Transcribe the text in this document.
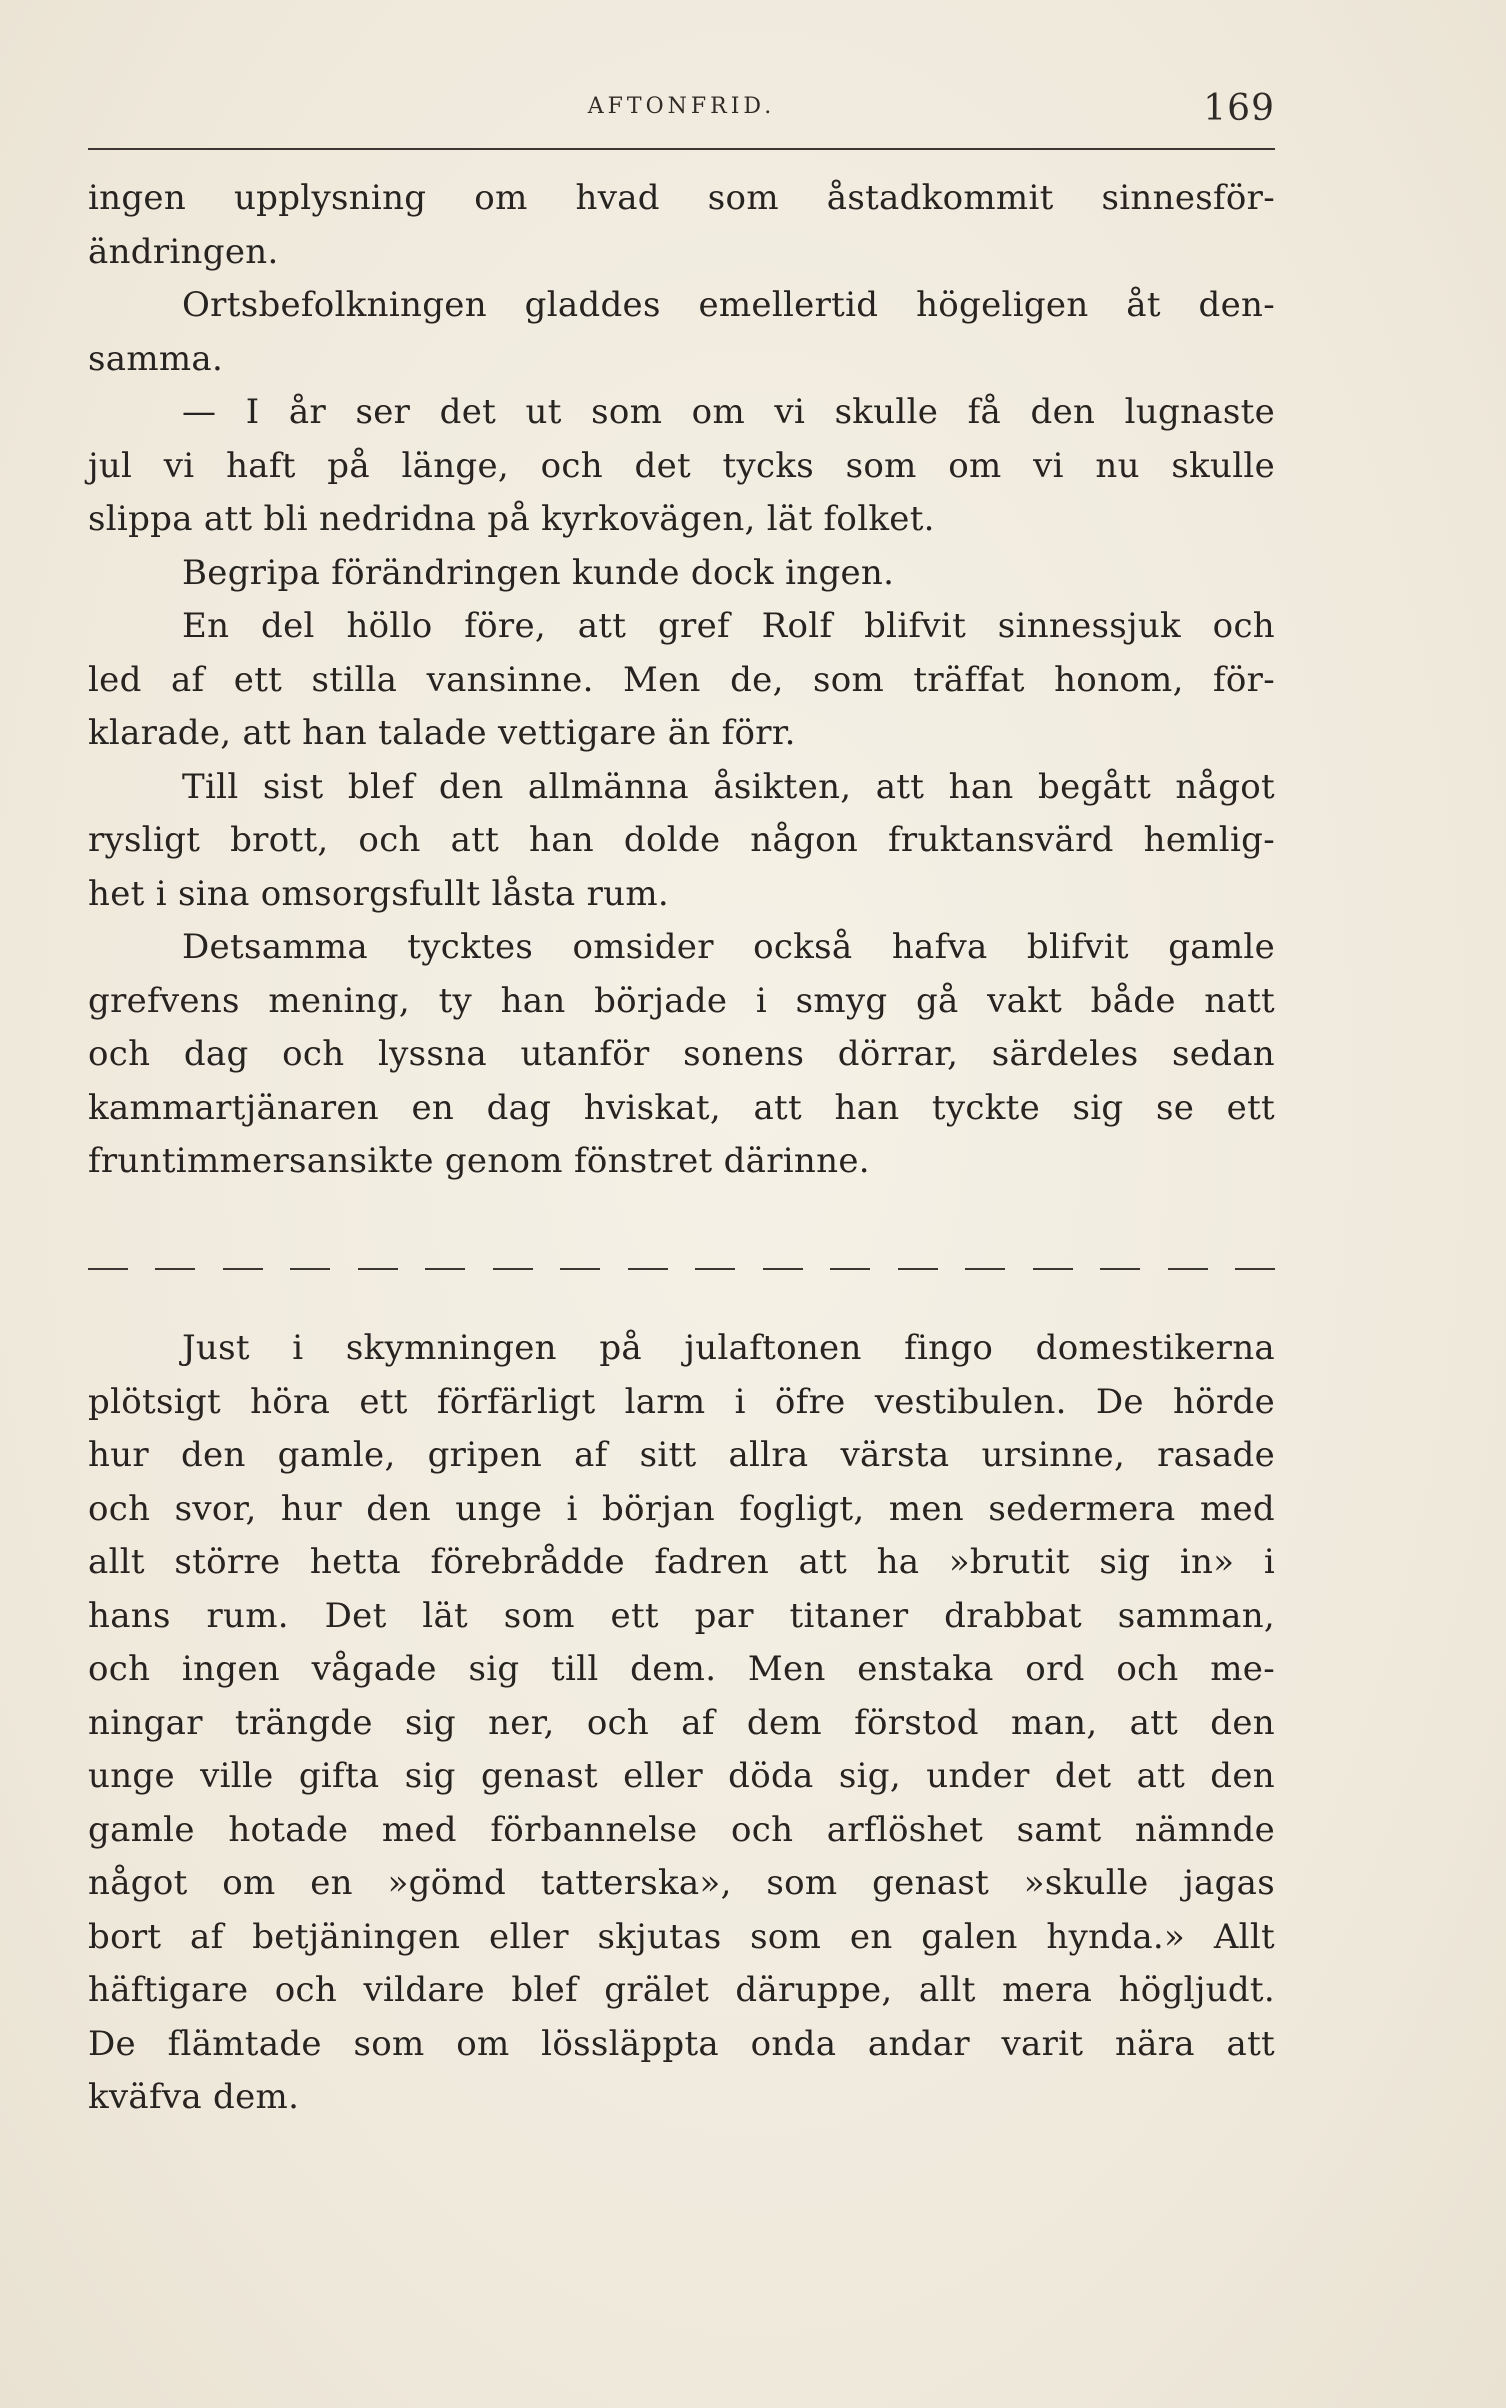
AFTONFRID.	169
ingen upplysning om hvad som åstadkommit sinnesför-
ändringen.
Ortsbefolkningen gladdes emellertid högeligen åt den-
samma.
— I år ser det ut som om vi skulle få den lugnaste
jul vi haft på länge, och det tycks som om vi nu skulle
slippa att bli nedridna på kyrkovägen, lät folket.
Begripa förändringen kunde dock ingen.
En del höllo före, att gref Rolf blifvit sinnessjuk och
led af ett stilla vansinne. Men de, som träffat honom, för-
klarade, att han talade vettigare än förr.
Till sist blef den allmänna åsikten, att han begått något
rysligt brott, och att han dolde någon fruktansvärd hemlig-
het i sina omsorgsfullt låsta rum.
Detsamma tycktes omsider också hafva blifvit gamle
grefvens mening, ty han började i smyg gå vakt både natt
och dag och lyssna utanför sonens dörrar, särdeles sedan
kammartjänaren en dag hviskat, att han tyckte sig se ett
fruntimmersansikte genom fönstret därinne.
Just i skymningen på julaftonen fingo domestikerna
plötsigt höra ett förfärligt larm i öfre vestibulen. De hörde
hur den gamle, gripen af sitt allra värsta ursinne, rasade
och svor, hur den unge i början fogligt, men sedermera med
allt större hetta förebrådde fadren att ha »brutit sig in» i
hans rum. Det lät som ett par titaner drabbat samman,
och ingen vågade sig till dem. Men enstaka ord och me-
ningar trängde sig ner, och af dem förstod man, att den
unge ville gifta sig genast eller döda sig, under det att den
gamle hotade med förbannelse och arflöshet samt nämnde
något om en »gömd tatterska», som genast »skulle jagas
bort af betjäningen eller skjutas som en galen hynda.» Allt
häftigare och vildare blef grälet däruppe, allt mera högljudt.
De flämtade som om lössläppta onda andar varit nära att
kväfva dem.
